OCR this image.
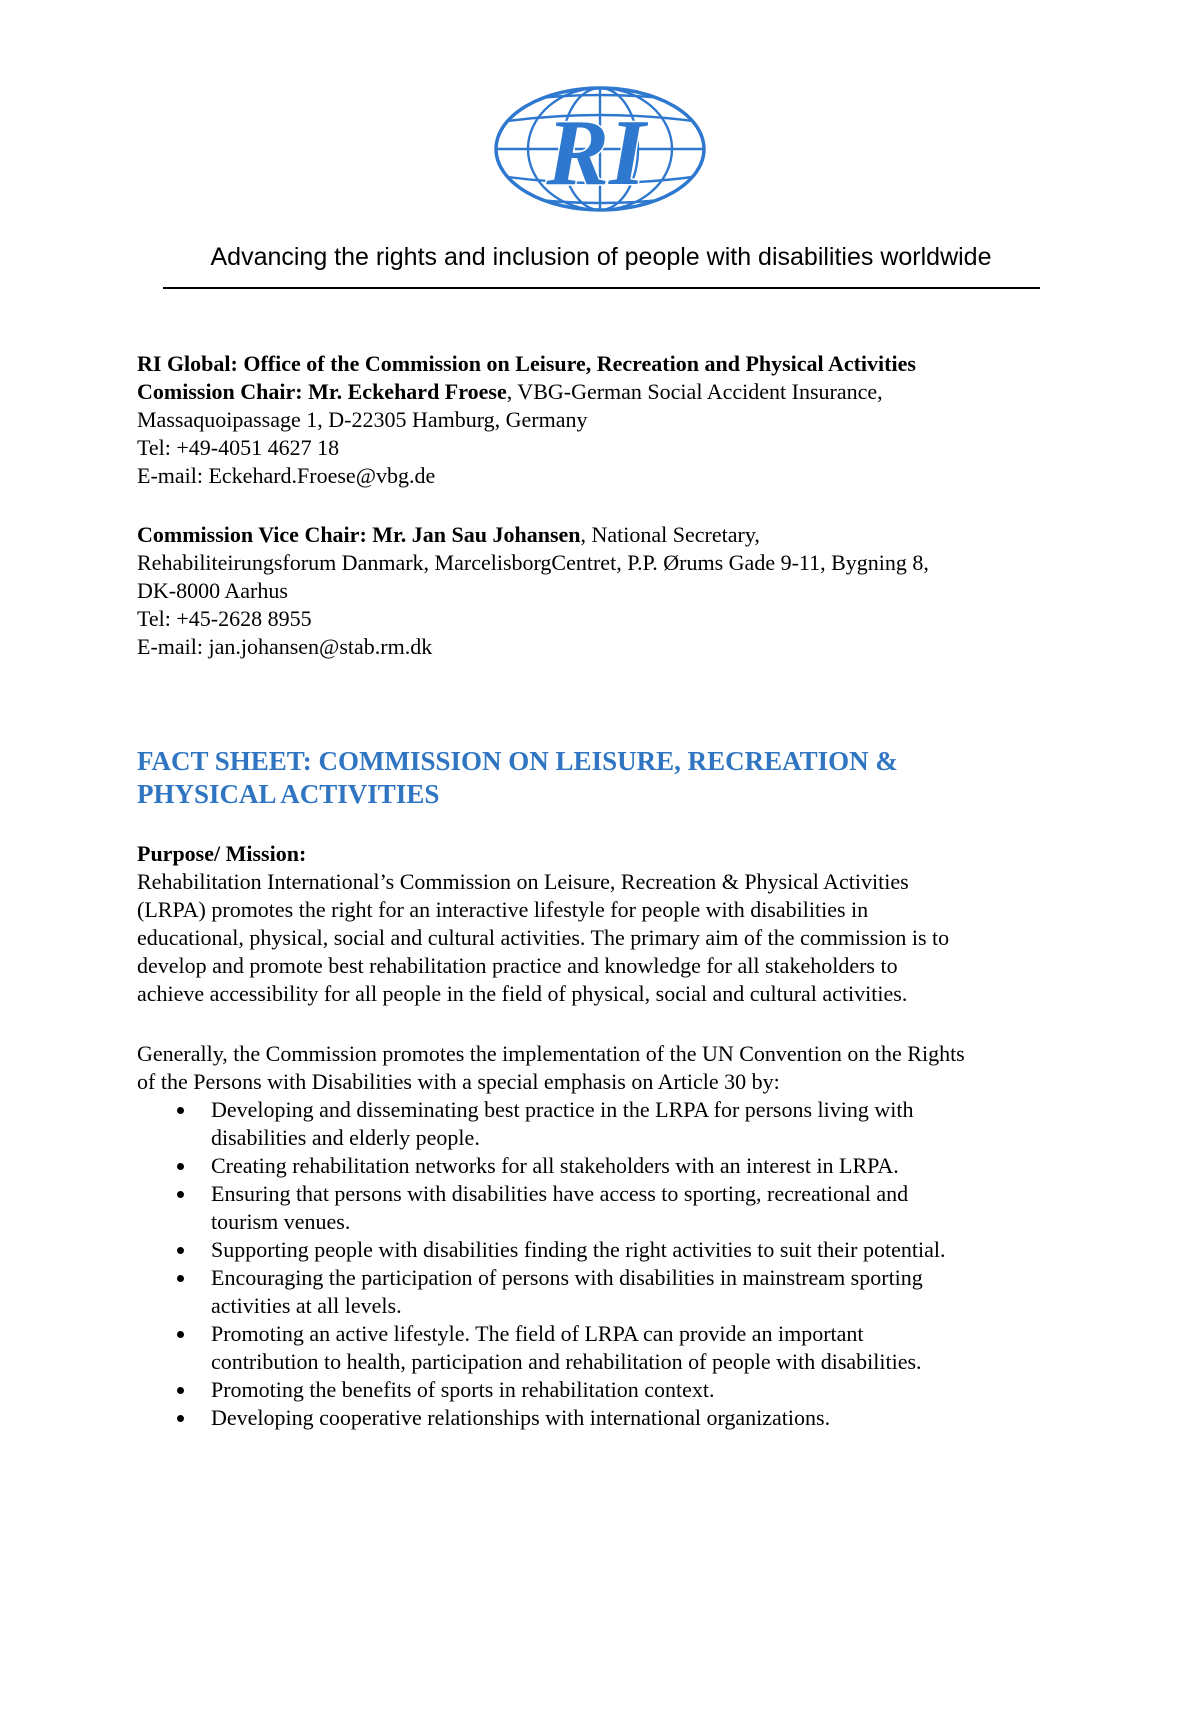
RI
Advancing the rights and inclusion of people with disabilities worldwide

RI Global: Office of the Commission on Leisure, Recreation and Physical Activities

Comission Chair: Mr. Eckehard Froese, VBG-German Social Accident Insurance,

Massaquoipassage 1, D-22305 Hamburg, Germany

Tel: +49-4051 4627 18

E-mail: Eckehard.Froese@vbg.de

Commission Vice Chair: Mr. Jan Sau Johansen, National Secretary,

Rehabiliteirungsforum Danmark, MarcelisborgCentret, P.P. Ørums Gade 9-11, Bygning 8,

DK-8000 Aarhus

Tel: +45-2628 8955

E-mail: jan.johansen@stab.rm.dk

FACT SHEET: COMMISSION ON LEISURE, RECREATION &
PHYSICAL ACTIVITIES

Purpose/ Mission:

Rehabilitation International’s Commission on Leisure, Recreation & Physical Activities
(LRPA) promotes the right for an interactive lifestyle for people with disabilities in
educational, physical, social and cultural activities. The primary aim of the commission is to
develop and promote best rehabilitation practice and knowledge for all stakeholders to
achieve accessibility for all people in the field of physical, social and cultural activities.

Generally, the Commission promotes the implementation of the UN Convention on the Rights

of the Persons with Disabilities with a special emphasis on Article 30 by:

Developing and disseminating best practice in the LRPA for persons living with
disabilities and elderly people.
Creating rehabilitation networks for all stakeholders with an interest in LRPA.
Ensuring that persons with disabilities have access to sporting, recreational and
tourism venues.
Supporting people with disabilities finding the right activities to suit their potential.
Encouraging the participation of persons with disabilities in mainstream sporting
activities at all levels.
Promoting an active lifestyle. The field of LRPA can provide an important
contribution to health, participation and rehabilitation of people with disabilities.
Promoting the benefits of sports in rehabilitation context.
Developing cooperative relationships with international organizations.
